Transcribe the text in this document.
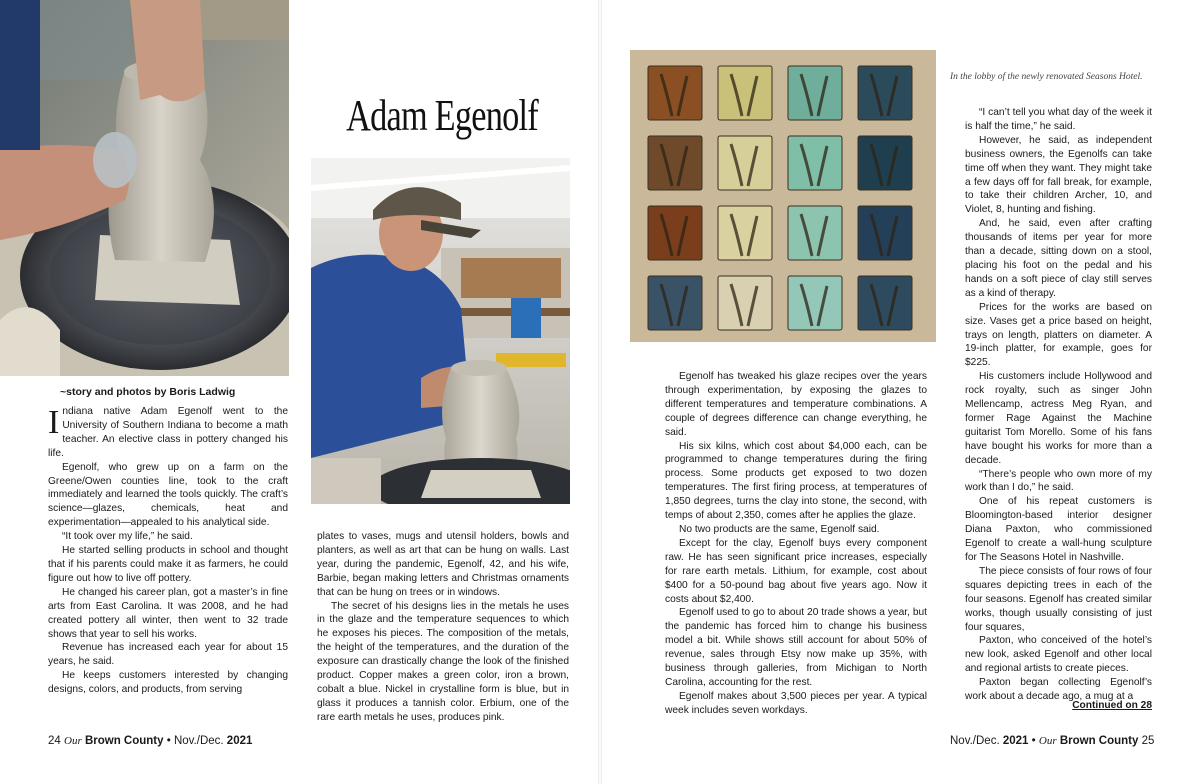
~story and photos by Boris Ladwig

Indiana native Adam Egenolf went to the University of Southern Indiana to become a math teacher. An elective class in pottery changed his life.

Egenolf, who grew up on a farm on the Greene/Owen counties line, took to the craft immediately and learned the tools quickly. The craft’s science—glazes, chemicals, heat and experimentation—appealed to his analytical side.

“It took over my life,” he said.

He started selling products in school and thought that if his parents could make it as farmers, he could figure out how to live off pottery.

He changed his career plan, got a master’s in fine arts from East Carolina. It was 2008, and he had created pottery all winter, then went to 32 trade shows that year to sell his works.

Revenue has increased each year for about 15 years, he said.

He keeps customers interested by changing designs, colors, and products, from serving

Adam Egenolf

plates to vases, mugs and utensil holders, bowls and planters, as well as art that can be hung on walls. Last year, during the pandemic, Egenolf, 42, and his wife, Barbie, began making letters and Christmas ornaments that can be hung on trees or in windows.

The secret of his designs lies in the metals he uses in the glaze and the temperature sequences to which he exposes his pieces. The composition of the metals, the height of the temperatures, and the duration of the exposure can drastically change the look of the finished product. Copper makes a green color, iron a brown, cobalt a blue. Nickel in crystalline form is blue, but in glass it produces a tannish color. Erbium, one of the rare earth metals he uses, produces pink.

Egenolf has tweaked his glaze recipes over the years through experimentation, by exposing the glazes to different temperatures and temperature combinations. A couple of degrees difference can change everything, he said.

His six kilns, which cost about $4,000 each, can be programmed to change temperatures during the firing process. Some products get exposed to two dozen temperatures. The first firing process, at temperatures of 1,850 degrees, turns the clay into stone, the second, with temps of about 2,350, comes after he applies the glaze.

No two products are the same, Egenolf said.

Except for the clay, Egenolf buys every component raw. He has seen significant price increases, especially for rare earth metals. Lithium, for example, cost about $400 for a 50-pound bag about five years ago. Now it costs about $2,400.

Egenolf used to go to about 20 trade shows a year, but the pandemic has forced him to change his business model a bit. While shows still account for about 50% of revenue, sales through Etsy now make up 35%, with business through galleries, from Michigan to North Carolina, accounting for the rest.

Egenolf makes about 3,500 pieces per year. A typical week includes seven workdays.

In the lobby of the newly renovated Seasons Hotel.

“I can’t tell you what day of the week it is half the time,” he said.

However, he said, as independent business owners, the Egenolfs can take time off when they want. They might take a few days off for fall break, for example, to take their children Archer, 10, and Violet, 8, hunting and fishing.

And, he said, even after crafting thousands of items per year for more than a decade, sitting down on a stool, placing his foot on the pedal and his hands on a soft piece of clay still serves as a kind of therapy.

Prices for the works are based on size. Vases get a price based on height, trays on length, platters on diameter. A 19-inch platter, for example, goes for $225.

His customers include Hollywood and rock royalty, such as singer John Mellencamp, actress Meg Ryan, and former Rage Against the Machine guitarist Tom Morello. Some of his fans have bought his works for more than a decade.

“There’s people who own more of my work than I do,” he said.

One of his repeat customers is Bloomington-based interior designer Diana Paxton, who commissioned Egenolf to create a wall-hung sculpture for The Seasons Hotel in Nashville.

The piece consists of four rows of four squares depicting trees in each of the four seasons. Egenolf has created similar works, though usually consisting of just four squares,

Paxton, who conceived of the hotel’s new look, asked Egenolf and other local and regional artists to create pieces.

Paxton began collecting Egenolf’s work about a decade ago, a mug at a

Continued on 28
24 Our Brown County • Nov./Dec. 2021	Nov./Dec. 2021 • Our Brown County 25
